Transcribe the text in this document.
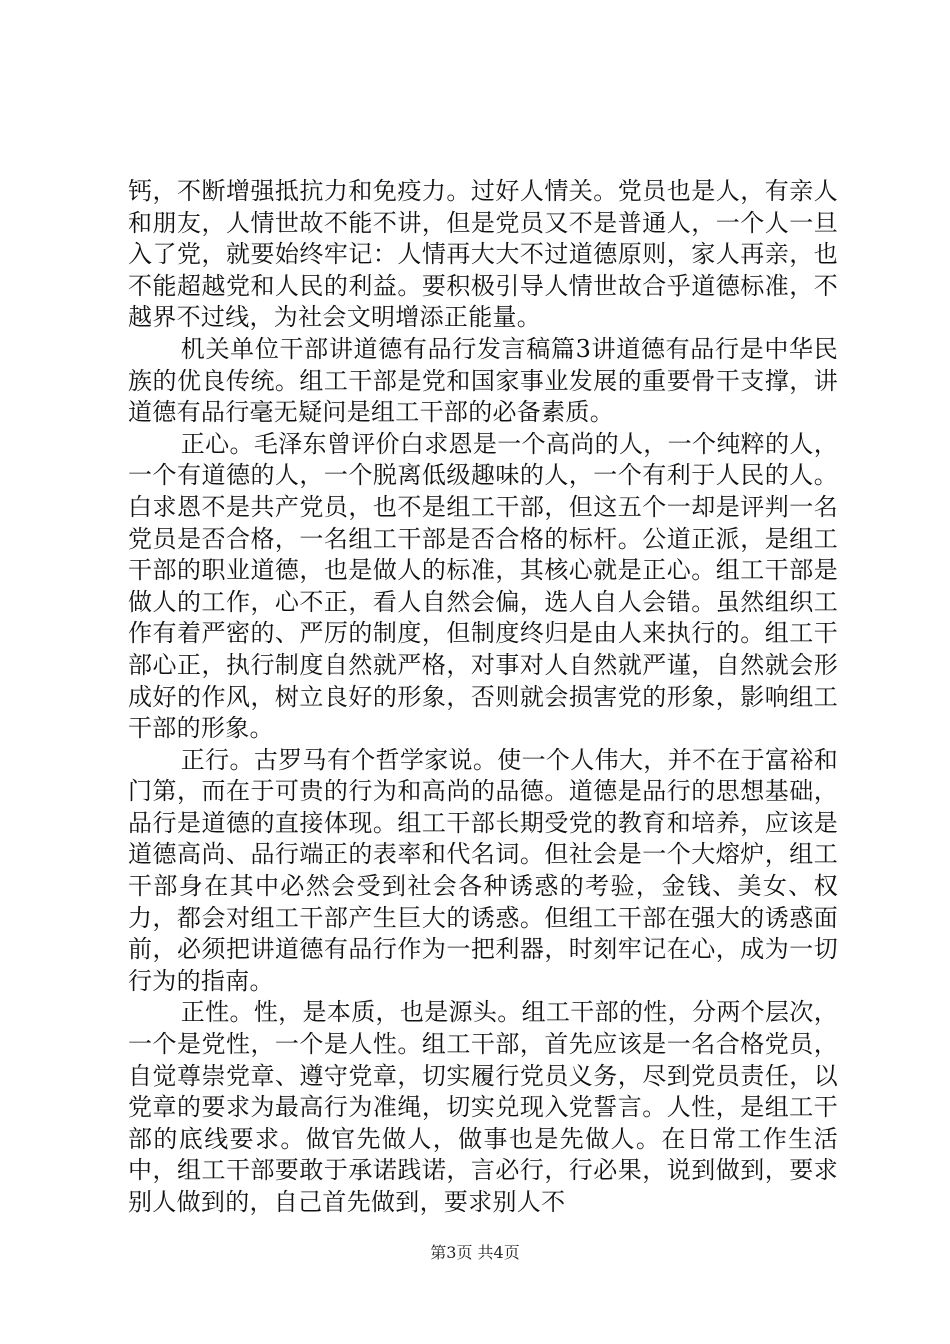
钙，不断增强抵抗力和免疫力。过好人情关。党员也是人，有亲人和朋友，人情世故不能不讲，但是党员又不是普通人，一个人一旦入了党，就要始终牢记：人情再大大不过道德原则，家人再亲，也不能超越党和人民的利益。要积极引导人情世故合乎道德标准，不越界不过线，为社会文明增添正能量。

机关单位干部讲道德有品行发言稿篇3讲道德有品行是中华民族的优良传统。组工干部是党和国家事业发展的重要骨干支撑，讲道德有品行毫无疑问是组工干部的必备素质。

正心。毛泽东曾评价白求恩是一个高尚的人，一个纯粹的人，一个有道德的人，一个脱离低级趣味的人，一个有利于人民的人。白求恩不是共产党员，也不是组工干部，但这五个一却是评判一名党员是否合格，一名组工干部是否合格的标杆。公道正派，是组工干部的职业道德，也是做人的标准，其核心就是正心。组工干部是做人的工作，心不正，看人自然会偏，选人自人会错。虽然组织工作有着严密的、严厉的制度，但制度终归是由人来执行的。组工干部心正，执行制度自然就严格，对事对人自然就严谨，自然就会形成好的作风，树立良好的形象，否则就会损害党的形象，影响组工干部的形象。

正行。古罗马有个哲学家说。使一个人伟大，并不在于富裕和门第，而在于可贵的行为和高尚的品德。道德是品行的思想基础，品行是道德的直接体现。组工干部长期受党的教育和培养，应该是道德高尚、品行端正的表率和代名词。但社会是一个大熔炉，组工干部身在其中必然会受到社会各种诱惑的考验，金钱、美女、权力，都会对组工干部产生巨大的诱惑。但组工干部在强大的诱惑面前，必须把讲道德有品行作为一把利器，时刻牢记在心，成为一切行为的指南。

正性。性，是本质，也是源头。组工干部的性，分两个层次，一个是党性，一个是人性。组工干部，首先应该是一名合格党员，自觉尊崇党章、遵守党章，切实履行党员义务，尽到党员责任，以党章的要求为最高行为准绳，切实兑现入党誓言。人性，是组工干部的底线要求。做官先做人，做事也是先做人。在日常工作生活中，组工干部要敢于承诺践诺，言必行，行必果，说到做到，要求别人做到的，自己首先做到，要求别人不

第3页 共4页
